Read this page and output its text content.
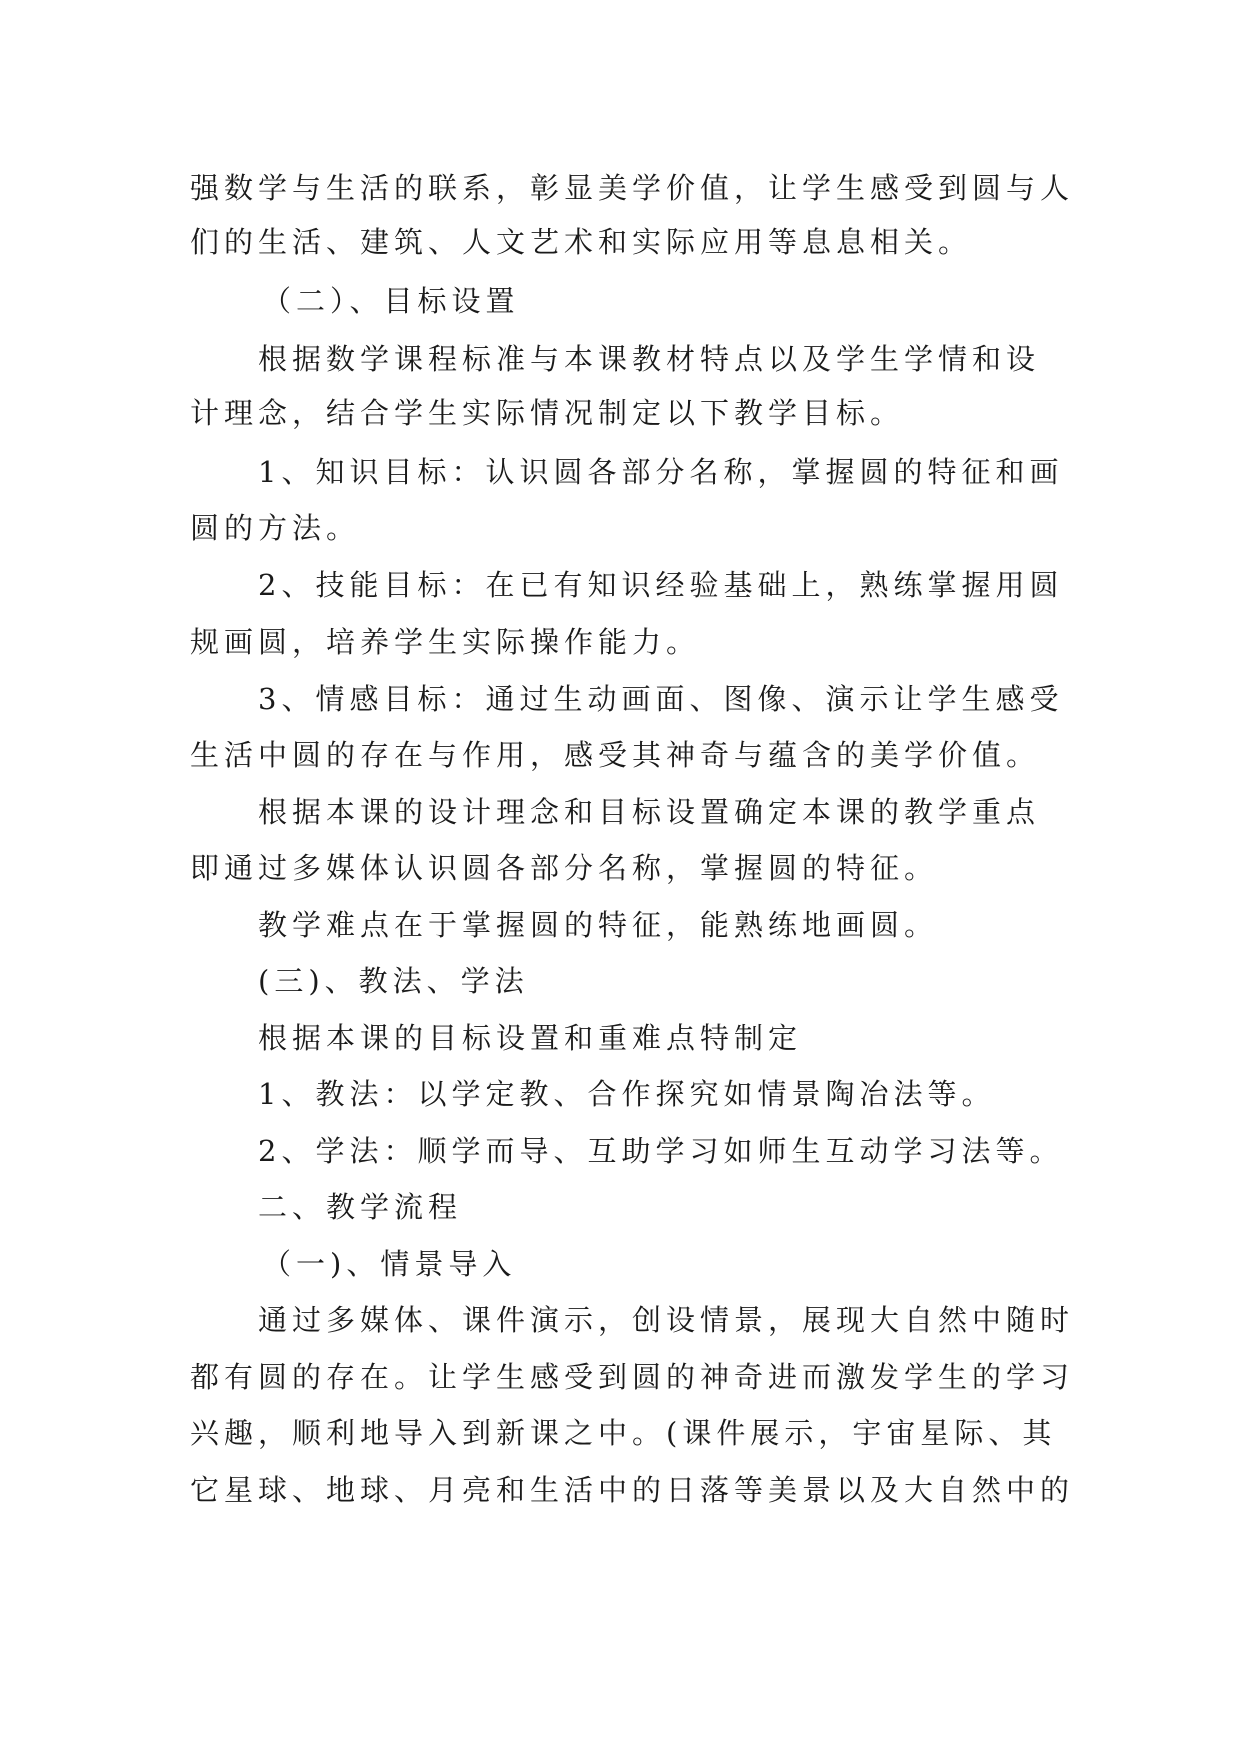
强数学与生活的联系，彰显美学价值，让学生感受到圆与人
们的生活、建筑、人文艺术和实际应用等息息相关。
（二）、目标设置
根据数学课程标准与本课教材特点以及学生学情和设
计理念，结合学生实际情况制定以下教学目标。
1、知识目标：认识圆各部分名称，掌握圆的特征和画
圆的方法。
2、技能目标：在已有知识经验基础上，熟练掌握用圆
规画圆，培养学生实际操作能力。
3、情感目标：通过生动画面、图像、演示让学生感受
生活中圆的存在与作用，感受其神奇与蕴含的美学价值。
根据本课的设计理念和目标设置确定本课的教学重点
即通过多媒体认识圆各部分名称，掌握圆的特征。
教学难点在于掌握圆的特征，能熟练地画圆。
(三)、教法、学法
根据本课的目标设置和重难点特制定
1、教法：以学定教、合作探究如情景陶冶法等。
2、学法：顺学而导、互助学习如师生互动学习法等。
二、教学流程
（一)、情景导入
通过多媒体、课件演示，创设情景，展现大自然中随时
都有圆的存在。让学生感受到圆的神奇进而激发学生的学习
兴趣，顺利地导入到新课之中。(课件展示，宇宙星际、其
它星球、地球、月亮和生活中的日落等美景以及大自然中的
